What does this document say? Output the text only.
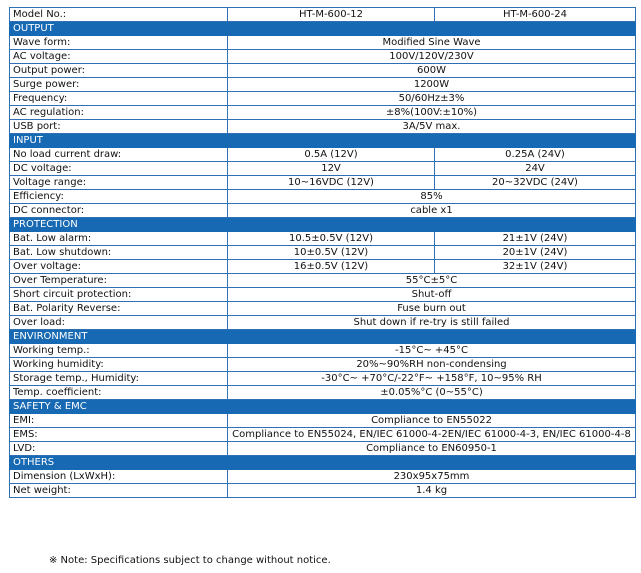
Model No.:	HT-M-600-12	HT-M-600-24
OUTPUT		
Wave form:	Modified Sine Wave	
AC voltage:	100V/120V/230V	
Output power:	600W	
Surge power:	1200W	
Frequency:	50/60Hz±3%	
AC regulation:	±8%(100V:±10%)	
USB port:	3A/5V max.	
INPUT		
No load current draw:	0.5A (12V)	0.25A (24V)
DC voltage:	12V	24V
Voltage range:	10~16VDC (12V)	20~32VDC (24V)
Efficiency:	85%	
DC connector:	cable x1	
PROTECTION		
Bat. Low alarm:	10.5±0.5V (12V)	21±1V (24V)
Bat. Low shutdown:	10±0.5V (12V)	20±1V (24V)
Over voltage:	16±0.5V (12V)	32±1V (24V)
Over Temperature:	55°C±5°C	
Short circuit protection:	Shut-off	
Bat. Polarity Reverse:	Fuse burn out	
Over load:	Shut down if re-try is still failed	
ENVIRONMENT		
Working temp.:	-15°C~ +45°C	
Working humidity:	20%~90%RH non-condensing	
Storage temp., Humidity:	-30°C~ +70°C/-22°F~ +158°F, 10~95% RH	
Temp. coefficient:	±0.05%°C (0~55°C)	
SAFETY & EMC		
EMI:	Compliance to EN55022	
EMS:	Compliance to EN55024, EN/IEC 61000-4-2EN/IEC 61000-4-3, EN/IEC 61000-4-8	
LVD:	Compliance to EN60950-1	
OTHERS		
Dimension (LxWxH):	230x95x75mm	
Net weight:	1.4 kg	
※ Note: Specifications subject to change without notice.
